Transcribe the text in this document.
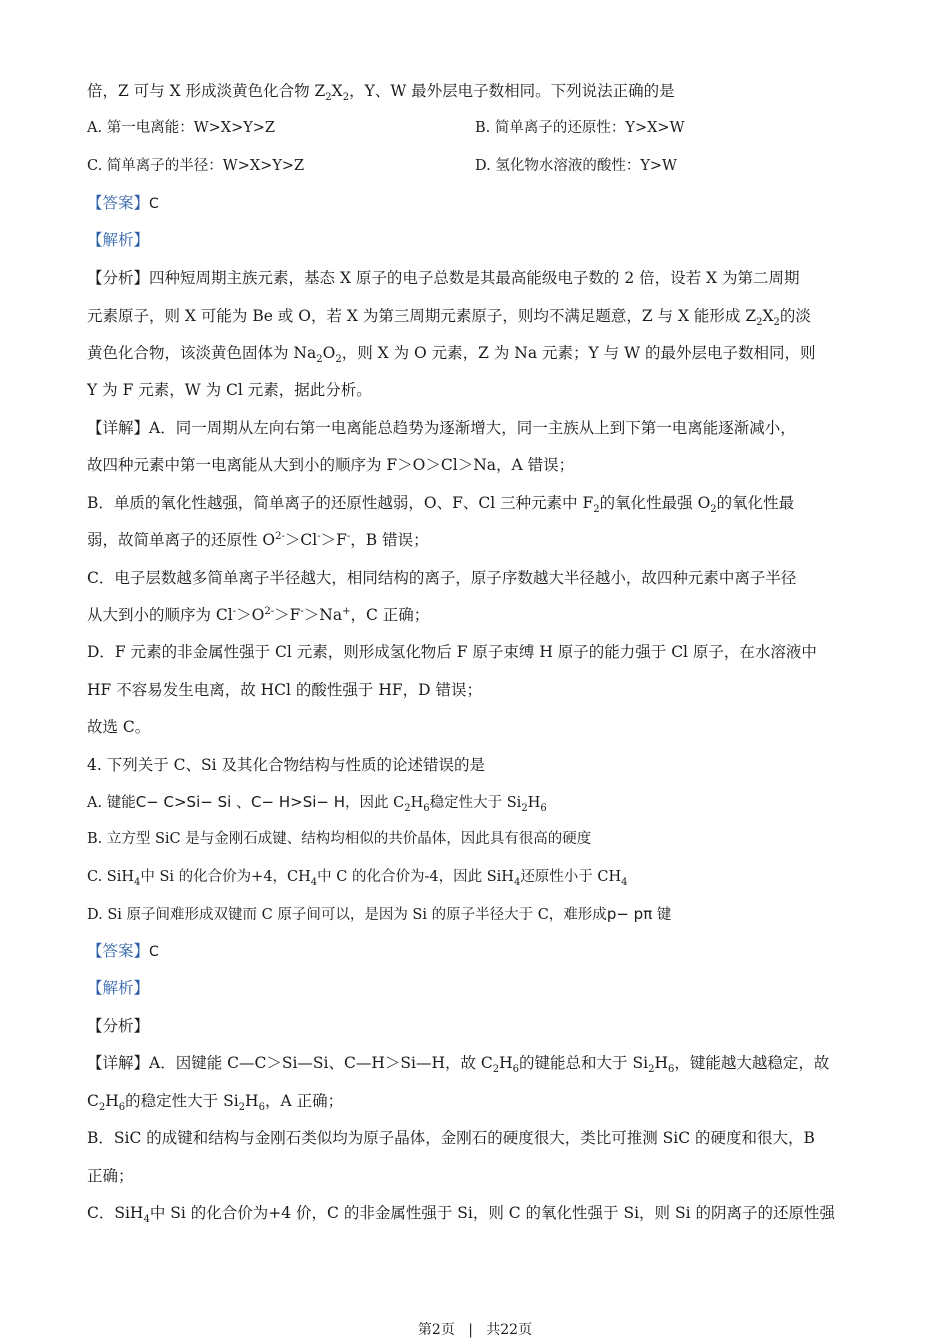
倍，Z 可与 X 形成淡黄色化合物 $Z_2X_2$，Y、W 最外层电子数相同。下列说法正确的是
A. 第一电离能：W>X>Y>Z	B. 简单离子的还原性：Y>X>W
C. 简单离子的半径：W>X>Y>Z	D. 氢化物水溶液的酸性：Y>W
【答案】C
【解析】
【分析】四种短周期主族元素，基态 X 原子的电子总数是其最高能级电子数的 2 倍，设若 X 为第二周期
元素原子，则 X 可能为 Be 或 O，若 X 为第三周期元素原子，则均不满足题意，Z 与 X 能形成 $Z_2X_2$的淡
黄色化合物，该淡黄色固体为 $Na_2O_2$，则 X 为 O 元素，Z 为 Na 元素；Y 与 W 的最外层电子数相同，则
Y 为 F 元素，W 为 Cl 元素，据此分析。
【详解】A．同一周期从左向右第一电离能总趋势为逐渐增大，同一主族从上到下第一电离能逐渐减小，
故四种元素中第一电离能从大到小的顺序为 F＞O＞Cl＞Na，A 错误；
B．单质的氧化性越强，简单离子的还原性越弱，O、F、Cl 三种元素中 $F_2$的氧化性最强 $O_2$的氧化性最
弱，故简单离子的还原性 $O^{2-}>Cl^->F^-$，B 错误；
C．电子层数越多简单离子半径越大，相同结构的离子，原子序数越大半径越小，故四种元素中离子半径
从大到小的顺序为 $Cl^->O^{2-}>F^->Na^+$，C 正确；
D．F 元素的非金属性强于 Cl 元素，则形成氢化物后 F 原子束缚 H 原子的能力强于 Cl 原子，在水溶液中
HF 不容易发生电离，故 HCl 的酸性强于 HF，D 错误；
故选 C。
4. 下列关于 C、Si 及其化合物结构与性质的论述错误的是
A. 键能C− C>Si− Si 、C− H>Si− H，因此 $C_2H_6$稳定性大于 $Si_2H_6$
B. 立方型 SiC 是与金刚石成键、结构均相似的共价晶体，因此具有很高的硬度
C. SiH$_4$中 Si 的化合价为+4，$CH_4$中 C 的化合价为-4，因此 SiH$_4$还原性小于 $CH_4$
D. Si 原子间难形成双键而 C 原子间可以，是因为 Si 的原子半径大于 C，难形成p− pπ 键
【答案】C
【解析】
【分析】
【详解】A．因键能 C—C＞Si—Si、C—H＞Si—H，故 $C_2H_6$的键能总和大于 $Si_2H_6$，键能越大越稳定，故
$C_2H_6$的稳定性大于 $Si_2H_6$，A 正确；
B．SiC 的成键和结构与金刚石类似均为原子晶体，金刚石的硬度很大，类比可推测 SiC 的硬度和很大，B
正确；
C．SiH$_4$中 Si 的化合价为+4 价，C 的非金属性强于 Si，则 C 的氧化性强于 Si，则 Si 的阴离子的还原性强
第2页 | 共22页
